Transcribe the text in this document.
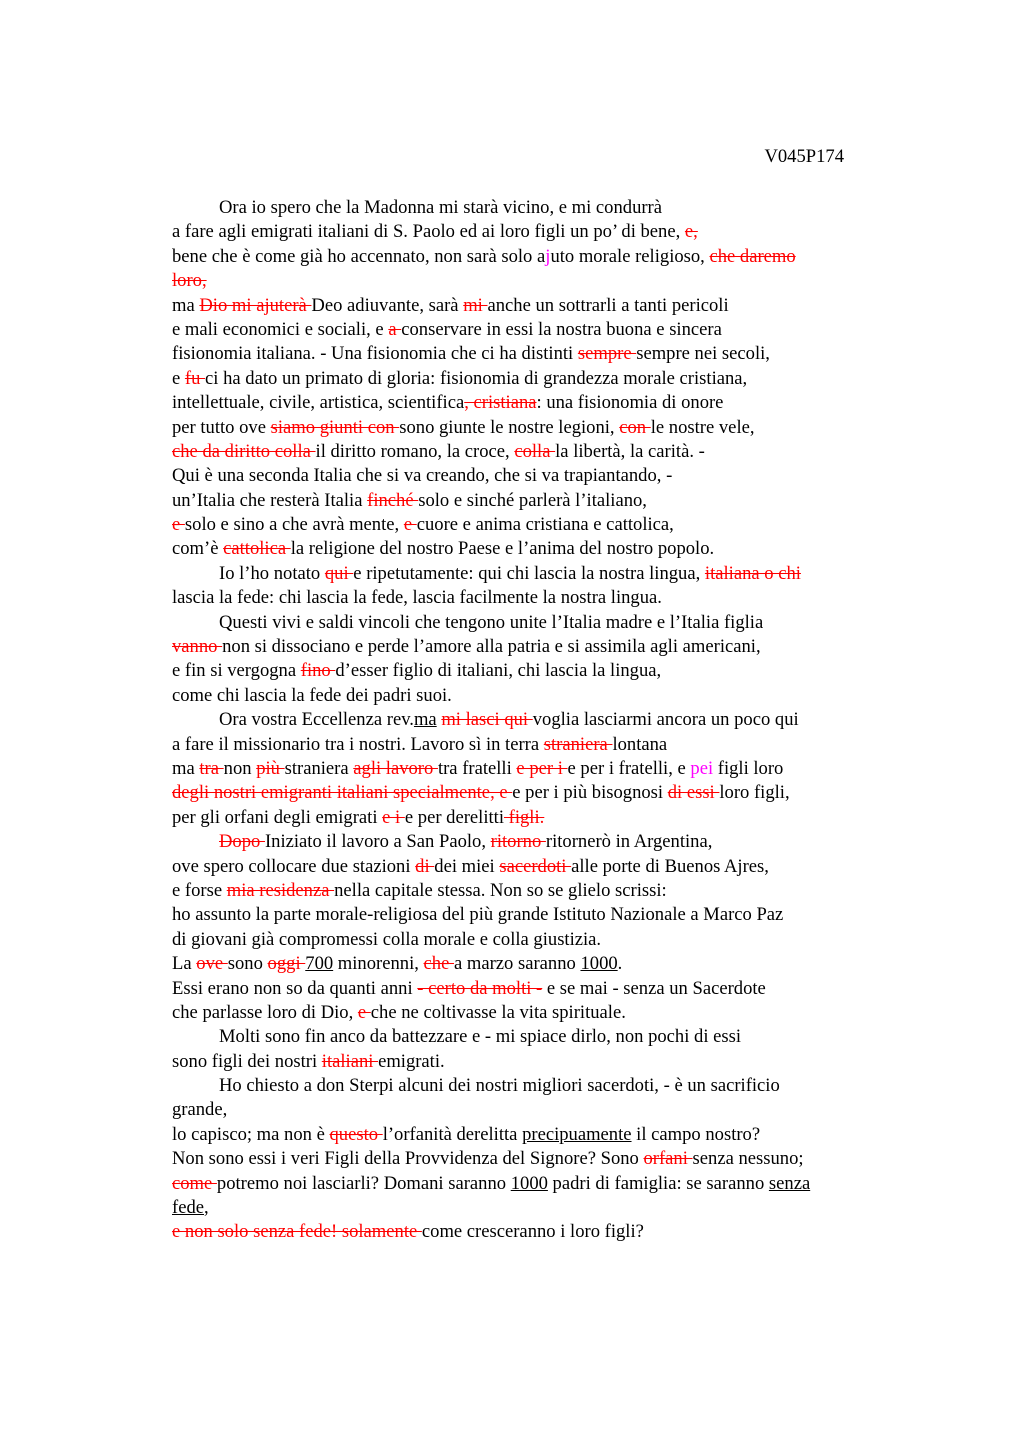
V045P174

Ora io spero che la Madonna mi starà vicino, e mi condurrà
a fare agli emigrati italiani di S. Paolo ed ai loro figli un po’ di bene, e,
bene che è come già ho accennato, non sarà solo ajuto morale religioso, che daremo
loro,
ma Dio mi ajuterà Deo adiuvante, sarà mi anche un sottrarli a tanti pericoli
e mali economici e sociali, e a conservare in essi la nostra buona e sincera
fisionomia italiana. - Una fisionomia che ci ha distinti sempre sempre nei secoli,
e fu ci ha dato un primato di gloria: fisionomia di grandezza morale cristiana,
intellettuale, civile, artistica, scientifica, cristiana: una fisionomia di onore
per tutto ove siamo giunti con sono giunte le nostre legioni, con le nostre vele,
che da diritto colla il diritto romano, la croce, colla la libertà, la carità. -
Qui è una seconda Italia che si va creando, che si va trapiantando, -
un’Italia che resterà Italia finché solo e sinché parlerà l’italiano,
e solo e sino a che avrà mente, e cuore e anima cristiana e cattolica,
com’è cattolica la religione del nostro Paese e l’anima del nostro popolo.
Io l’ho notato qui e ripetutamente: qui chi lascia la nostra lingua, italiana o chi
lascia la fede: chi lascia la fede, lascia facilmente la nostra lingua.
Questi vivi e saldi vincoli che tengono unite l’Italia madre e l’Italia figlia
vanno non si dissociano e perde l’amore alla patria e si assimila agli americani,
e fin si vergogna fino d’esser figlio di italiani, chi lascia la lingua,
come chi lascia la fede dei padri suoi.
Ora vostra Eccellenza rev.ma mi lasci qui voglia lasciarmi ancora un poco qui
a fare il missionario tra i nostri. Lavoro sì in terra straniera lontana
ma tra non più straniera agli lavoro tra fratelli e per i e per i fratelli, e pei figli loro
degli nostri emigranti italiani specialmente, e e per i più bisognosi di essi loro figli,
per gli orfani degli emigrati e i e per derelitti figli.
Dopo Iniziato il lavoro a San Paolo, ritorno ritornerò in Argentina,
ove spero collocare due stazioni di dei miei sacerdoti alle porte di Buenos Ajres,
e forse mia residenza nella capitale stessa. Non so se glielo scrissi:
ho assunto la parte morale-religiosa del più grande Istituto Nazionale a Marco Paz
di giovani già compromessi colla morale e colla giustizia.
La ove sono oggi 700 minorenni, che a marzo saranno 1000.
Essi erano non so da quanti anni - certo da molti - e se mai - senza un Sacerdote
che parlasse loro di Dio, e che ne coltivasse la vita spirituale.
Molti sono fin anco da battezzare e - mi spiace dirlo, non pochi di essi
sono figli dei nostri italiani emigrati.
Ho chiesto a don Sterpi alcuni dei nostri migliori sacerdoti, - è un sacrificio
grande,
lo capisco; ma non è questo l’orfanità derelitta precipuamente il campo nostro?
Non sono essi i veri Figli della Provvidenza del Signore? Sono orfani senza nessuno;
come potremo noi lasciarli? Domani saranno 1000 padri di famiglia: se saranno senza
fede,
e non solo senza fede! solamente come cresceranno i loro figli?
